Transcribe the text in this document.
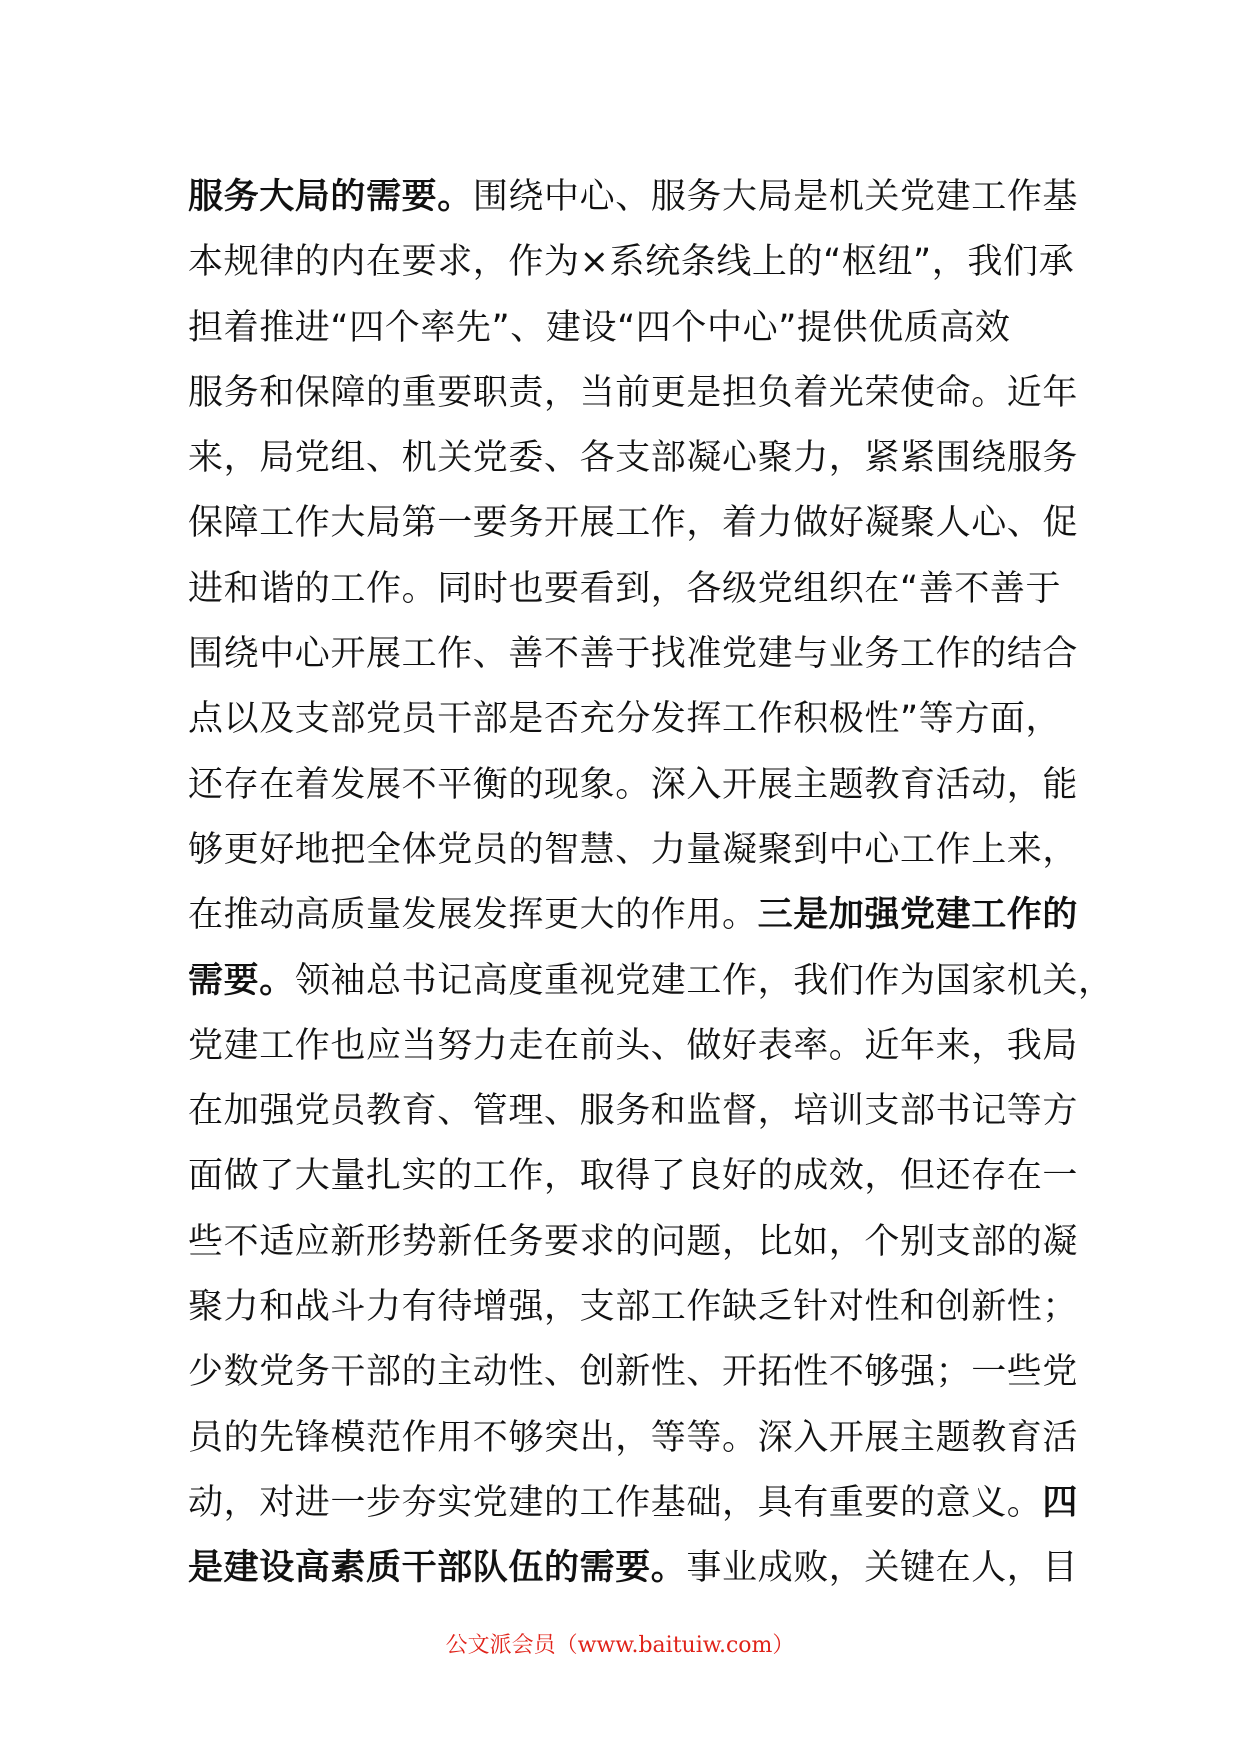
服务大局的需要。围绕中心、服务大局是机关党建工作基
本规律的内在要求，作为×系统条线上的“枢纽”，我们承
担着推进“四个率先”、建设“四个中心”提供优质高效
服务和保障的重要职责，当前更是担负着光荣使命。近年
来，局党组、机关党委、各支部凝心聚力，紧紧围绕服务
保障工作大局第一要务开展工作，着力做好凝聚人心、促
进和谐的工作。同时也要看到，各级党组织在“善不善于
围绕中心开展工作、善不善于找准党建与业务工作的结合
点以及支部党员干部是否充分发挥工作积极性”等方面，
还存在着发展不平衡的现象。深入开展主题教育活动，能
够更好地把全体党员的智慧、力量凝聚到中心工作上来，
在推动高质量发展发挥更大的作用。三是加强党建工作的
需要。领袖总书记高度重视党建工作，我们作为国家机关，
党建工作也应当努力走在前头、做好表率。近年来，我局
在加强党员教育、管理、服务和监督，培训支部书记等方
面做了大量扎实的工作，取得了良好的成效，但还存在一
些不适应新形势新任务要求的问题，比如，个别支部的凝
聚力和战斗力有待增强，支部工作缺乏针对性和创新性；
少数党务干部的主动性、创新性、开拓性不够强；一些党
员的先锋模范作用不够突出，等等。深入开展主题教育活
动，对进一步夯实党建的工作基础，具有重要的意义。四
是建设高素质干部队伍的需要。事业成败，关键在人，目
公文派会员（www.baituiw.com）
